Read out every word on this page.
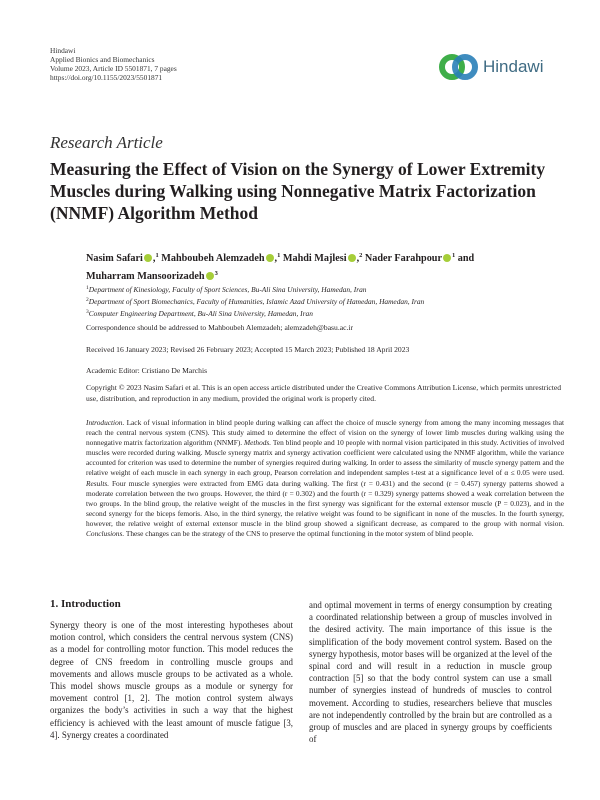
Hindawi
Applied Bionics and Biomechanics
Volume 2023, Article ID 5501871, 7 pages
https://doi.org/10.1155/2023/5501871
Hindawi
Research Article
Measuring the Effect of Vision on the Synergy of Lower Extremity Muscles during Walking using Nonnegative Matrix Factorization (NNMF) Algorithm Method
Nasim Safari ,$^1$ Mahboubeh Alemzadeh ,$^1$ Mahdi Majlesi ,$^2$ Nader Farahpour $^1$ and
Muharram Mansoorizadeh $^3$
$^1$Department of Kinesiology, Faculty of Sport Sciences, Bu-Ali Sina University, Hamedan, Iran
$^2$Department of Sport Biomechanics, Faculty of Humanities, Islamic Azad University of Hamedan, Hamedan, Iran
$^3$Computer Engineering Department, Bu-Ali Sina University, Hamedan, Iran
Correspondence should be addressed to Mahboubeh Alemzadeh; alemzadeh@basu.ac.ir
Received 16 January 2023; Revised 26 February 2023; Accepted 15 March 2023; Published 18 April 2023
Academic Editor: Cristiano De Marchis
Copyright © 2023 Nasim Safari et al. This is an open access article distributed under the Creative Commons Attribution License, which permits unrestricted use, distribution, and reproduction in any medium, provided the original work is properly cited.
Introduction. Lack of visual information in blind people during walking can affect the choice of muscle synergy from among the many incoming messages that reach the central nervous system (CNS). This study aimed to determine the effect of vision on the synergy of lower limb muscles during walking using the nonnegative matrix factorization algorithm (NNMF). Methods. Ten blind people and 10 people with normal vision participated in this study. Activities of involved muscles were recorded during walking. Muscle synergy matrix and synergy activation coefficient were calculated using the NNMF algorithm, while the variance accounted for criterion was used to determine the number of synergies required during walking. In order to assess the similarity of muscle synergy pattern and the relative weight of each muscle in each synergy in each group, Pearson correlation and independent samples t-test at a significance level of α ≤ 0.05 were used. Results. Four muscle synergies were extracted from EMG data during walking. The first (r = 0.431) and the second (r = 0.457) synergy patterns showed a moderate correlation between the two groups. However, the third (r = 0.302) and the fourth (r = 0.329) synergy patterns showed a weak correlation between the two groups. In the blind group, the relative weight of the muscles in the first synergy was significant for the external extensor muscle (P = 0.023), and in the second synergy for the biceps femoris. Also, in the third synergy, the relative weight was found to be significant in none of the muscles. In the fourth synergy, however, the relative weight of external extensor muscle in the blind group showed a significant decrease, as compared to the group with normal vision. Conclusions. These changes can be the strategy of the CNS to preserve the optimal functioning in the motor system of blind people.
1. Introduction
Synergy theory is one of the most interesting hypotheses about motion control, which considers the central nervous system (CNS) as a model for controlling motor function. This model reduces the degree of CNS freedom in controlling muscle groups and movements and allows muscle groups to be activated as a whole. This model shows muscle groups as a module or synergy for movement control [1, 2]. The motion control system always organizes the body’s activities in such a way that the highest efficiency is achieved with the least amount of muscle fatigue [3, 4]. Synergy creates a coordinated
and optimal movement in terms of energy consumption by creating a coordinated relationship between a group of muscles involved in the desired activity. The main importance of this issue is the simplification of the body movement control system. Based on the synergy hypothesis, motor bases will be organized at the level of the spinal cord and will result in a reduction in muscle group contraction [5] so that the body control system can use a small number of synergies instead of hundreds of muscles to control movement. According to studies, researchers believe that muscles are not independently controlled by the brain but are controlled as a group of muscles and are placed in synergy groups by coefficients of
